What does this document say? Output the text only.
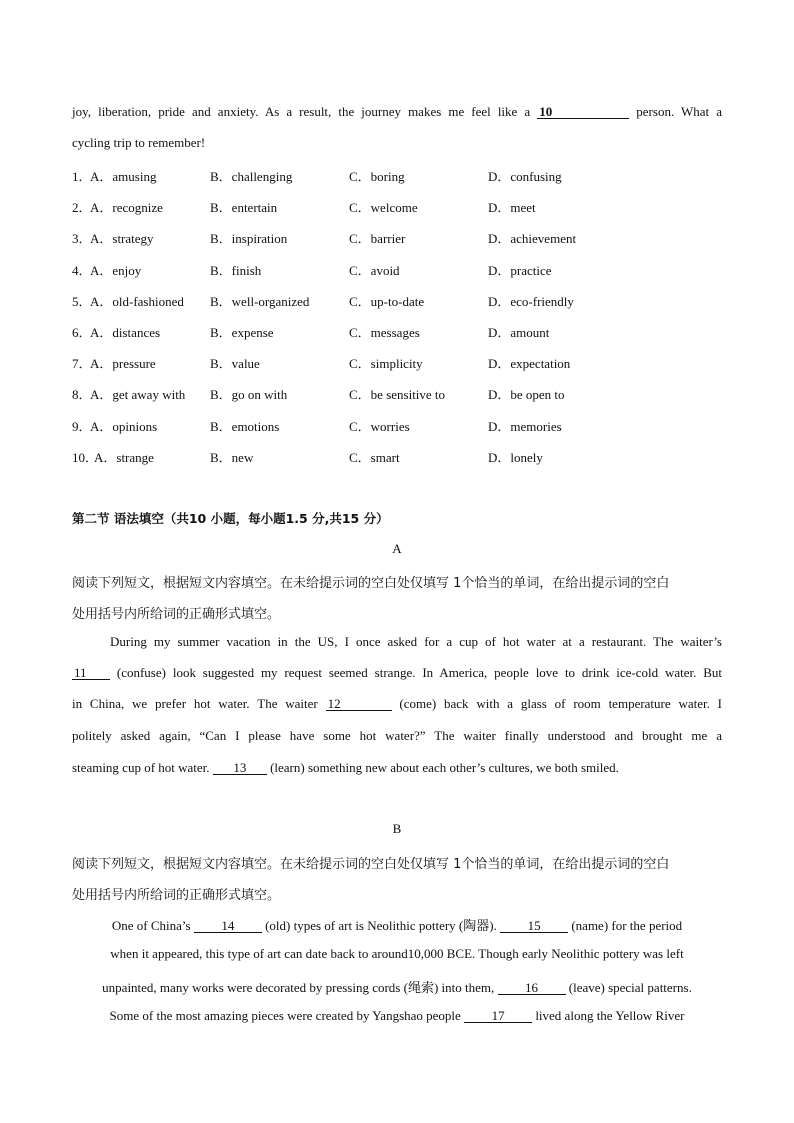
joy, liberation, pride and anxiety. As a result, the journey makes me feel like a 10	person. What a
cycling trip to remember!
1．
A．amusing	B．challenging	C．boring	D．confusing
2．
A．recognize	B．entertain	C．welcome	D．meet
3．
A．strategy	B．inspiration	C．barrier	D．achievement
4．
A．enjoy	B．finish	C．avoid	D．practice
5．
A．old-fashioned B．well-organized	C．up-to-date	D．eco-friendly
6．
A．distances	B．expense	C．messages	D．amount
7．
A．pressure	B．value	C．simplicity	D．expectation
8．
A．get away with B．go on with	C．be sensitive to	D．be open to
9．
A．opinions	B．emotions	C．worries	D．memories
10．
A．strange	B．new	C．smart	D．lonely
第二节 语法填空（共10 小题，每小题1.5 分,共15 分）
A
阅读下列短文，根据短文内容填空。在未给提示词的空白处仅填写 1个恰当的单词，在给出提示词的空白
处用括号内所给词的正确形式填空。
During my summer vacation in the US, I once asked for a cup of hot water at a restaurant. The waiter’s
11 (confuse) look suggested my request seemed strange. In America, people love to drink ice-cold water. But
in China, we prefer hot water. The waiter 12	(come) back with a glass of room temperature water. I
politely asked again, “Can I please have some hot water?” The waiter finally understood and brought me a
steaming cup of hot water. 13 (learn) something new about each other’s cultures, we both smiled.
B
阅读下列短文，根据短文内容填空。在未给提示词的空白处仅填写 1个恰当的单词，在给出提示词的空白
处用括号内所给词的正确形式填空。
One of China’s 14 (old) types of art is Neolithic pottery (陶器). 15 (name) for the period
when it appeared, this type of art can date back to around10,000 BCE. Though early Neolithic pottery was left
unpainted, many works were decorated by pressing cords (绳索) into them, 16 (leave) special patterns.
Some of the most amazing pieces were created by Yangshao people 17 lived along the Yellow River
